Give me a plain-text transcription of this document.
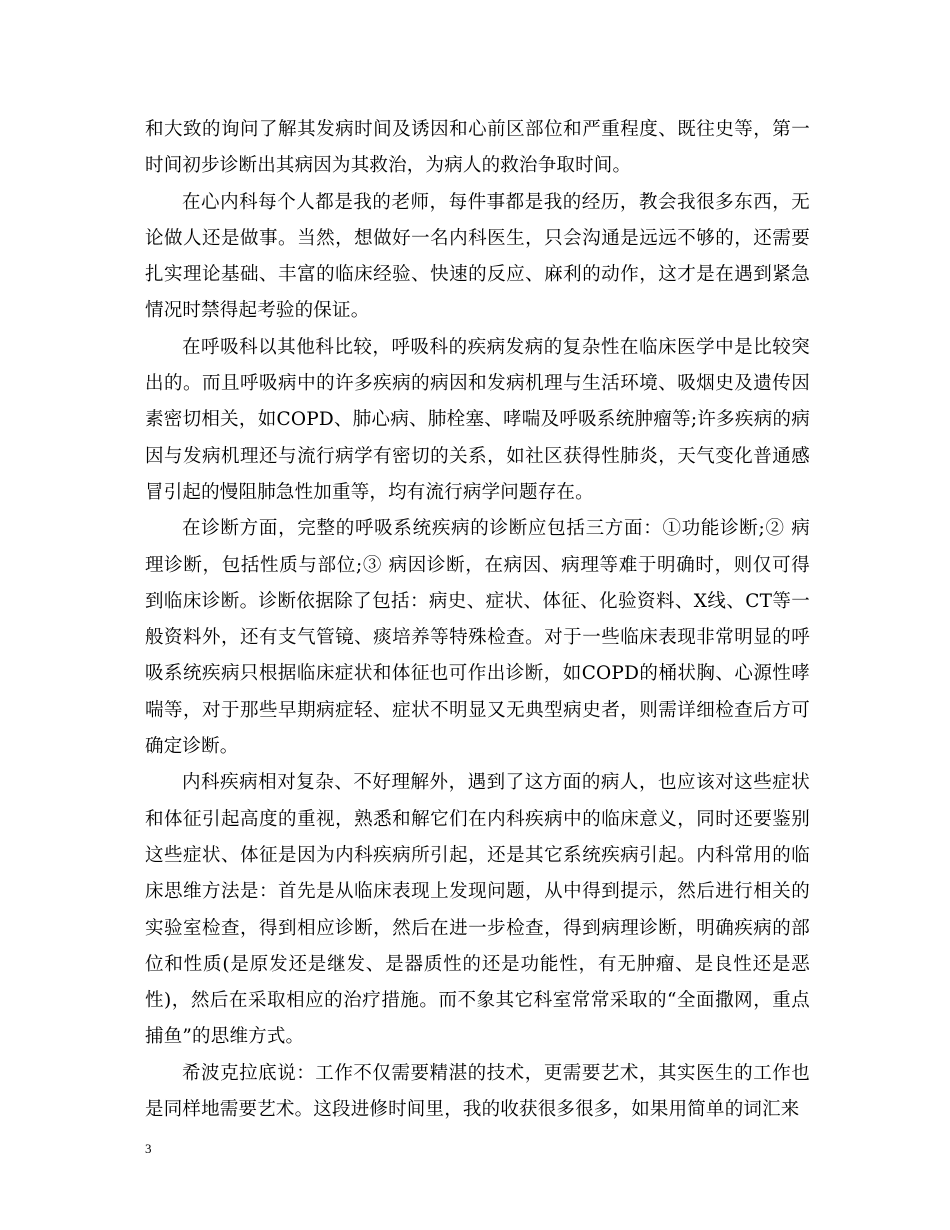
和大致的询问了解其发病时间及诱因和心前区部位和严重程度、既往史等，第一时间初步诊断出其病因为其救治，为病人的救治争取时间。

在心内科每个人都是我的老师，每件事都是我的经历，教会我很多东西，无论做人还是做事。当然，想做好一名内科医生，只会沟通是远远不够的，还需要扎实理论基础、丰富的临床经验、快速的反应、麻利的动作，这才是在遇到紧急情况时禁得起考验的保证。

在呼吸科以其他科比较，呼吸科的疾病发病的复杂性在临床医学中是比较突出的。而且呼吸病中的许多疾病的病因和发病机理与生活环境、吸烟史及遗传因素密切相关，如COPD、肺心病、肺栓塞、哮喘及呼吸系统肿瘤等;许多疾病的病因与发病机理还与流行病学有密切的关系，如社区获得性肺炎，天气变化普通感冒引起的慢阻肺急性加重等，均有流行病学问题存在。

在诊断方面，完整的呼吸系统疾病的诊断应包括三方面：①功能诊断;② 病理诊断，包括性质与部位;③ 病因诊断，在病因、病理等难于明确时，则仅可得到临床诊断。诊断依据除了包括：病史、症状、体征、化验资料、X线、CT等一般资料外，还有支气管镜、痰培养等特殊检查。对于一些临床表现非常明显的呼吸系统疾病只根据临床症状和体征也可作出诊断，如COPD的桶状胸、心源性哮喘等，对于那些早期病症轻、症状不明显又无典型病史者，则需详细检查后方可确定诊断。

内科疾病相对复杂、不好理解外，遇到了这方面的病人，也应该对这些症状和体征引起高度的重视，熟悉和解它们在内科疾病中的临床意义，同时还要鉴别这些症状、体征是因为内科疾病所引起，还是其它系统疾病引起。内科常用的临床思维方法是：首先是从临床表现上发现问题，从中得到提示，然后进行相关的实验室检查，得到相应诊断，然后在进一步检查，得到病理诊断，明确疾病的部位和性质(是原发还是继发、是器质性的还是功能性，有无肿瘤、是良性还是恶性)，然后在采取相应的治疗措施。而不象其它科室常常采取的“全面撒网，重点捕鱼”的思维方式。

希波克拉底说：工作不仅需要精湛的技术，更需要艺术，其实医生的工作也是同样地需要艺术。这段进修时间里，我的收获很多很多，如果用简单的词汇来

3
